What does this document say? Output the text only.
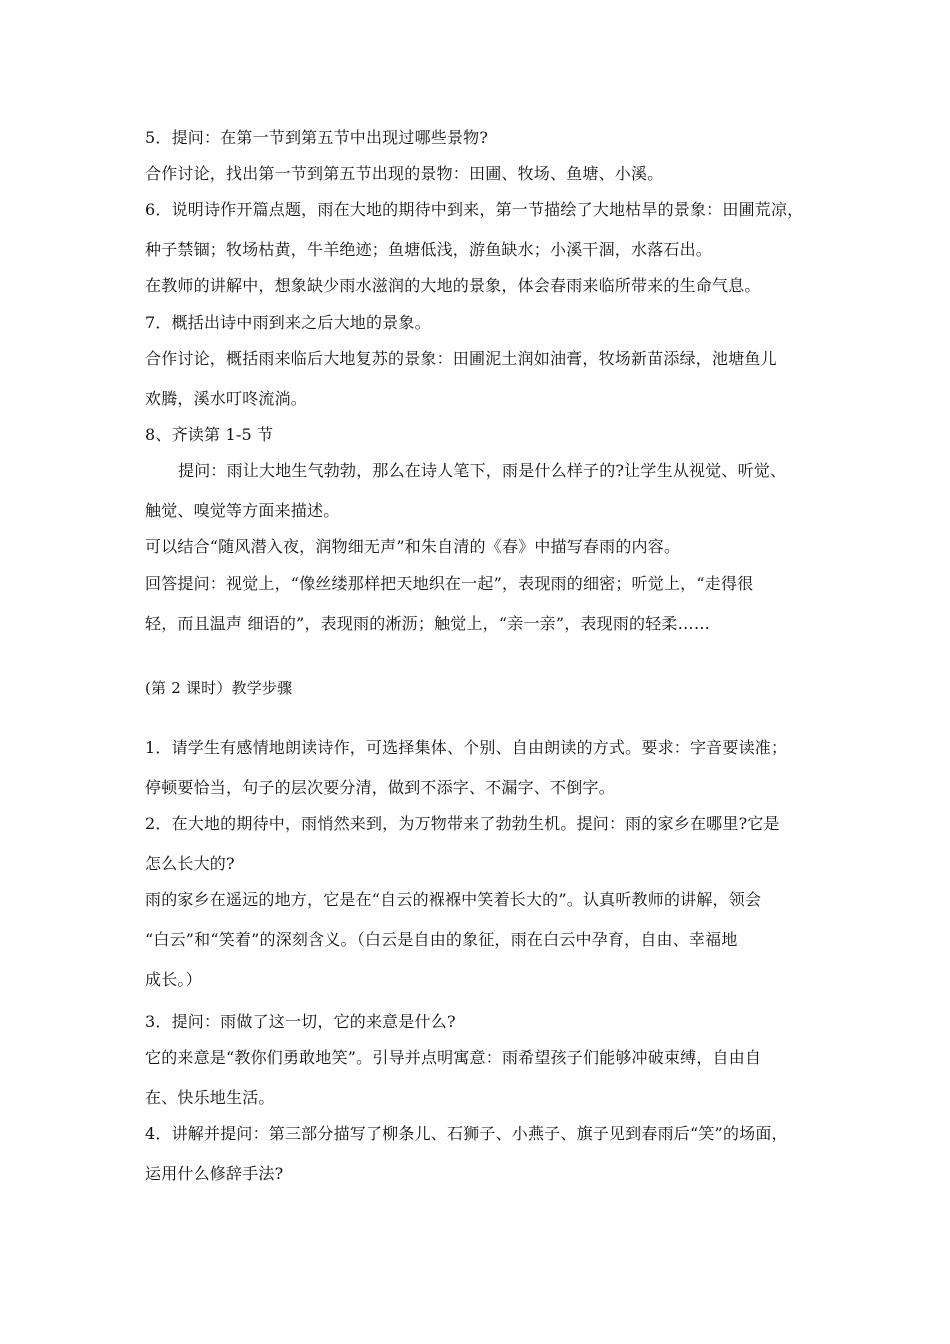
5．提问：在第一节到第五节中出现过哪些景物?

合作讨论，找出第一节到第五节出现的景物：田圃、牧场、鱼塘、小溪。

6．说明诗作开篇点题，雨在大地的期待中到来，第一节描绘了大地枯旱的景象：田圃荒凉，

种子禁锢；牧场枯黄，牛羊绝迹；鱼塘低浅，游鱼缺水；小溪干涸，水落石出。

在教师的讲解中，想象缺少雨水滋润的大地的景象，体会春雨来临所带来的生命气息。

7．概括出诗中雨到来之后大地的景象。

合作讨论，概括雨来临后大地复苏的景象：田圃泥土润如油膏，牧场新苗添绿，池塘鱼儿

欢腾，溪水叮咚流淌。

8、齐读第 1-5 节

提问：雨让大地生气勃勃，那么在诗人笔下，雨是什么样子的?让学生从视觉、听觉、

触觉、嗅觉等方面来描述。

可以结合“随风潜入夜，润物细无声”和朱自清的《春》中描写春雨的内容。

回答提问：视觉上，“像丝缕那样把天地织在一起”，表现雨的细密；听觉上，“走得很

轻，而且温声 细语的”，表现雨的淅沥；触觉上，“亲一亲”，表现雨的轻柔……

(第 2 课时）教学步骤

1．请学生有感情地朗读诗作，可选择集体、个别、自由朗读的方式。要求：字音要读准；

停顿要恰当，句子的层次要分清，做到不添字、不漏字、不倒字。

2．在大地的期待中，雨悄然来到，为万物带来了勃勃生机。提问：雨的家乡在哪里?它是

怎么长大的?

雨的家乡在遥远的地方，它是在“自云的褓褓中笑着长大的”。认真听教师的讲解，领会

“白云”和“笑着”的深刻含义。（白云是自由的象征，雨在白云中孕育，自由、幸福地

成长。）

3．提问：雨做了这一切，它的来意是什么?

它的来意是“教你们勇敢地笑”。引导并点明寓意：雨希望孩子们能够冲破束缚，自由自

在、快乐地生活。

4．讲解并提问：第三部分描写了柳条儿、石狮子、小燕子、旗子见到春雨后“笑”的场面，

运用什么修辞手法?
